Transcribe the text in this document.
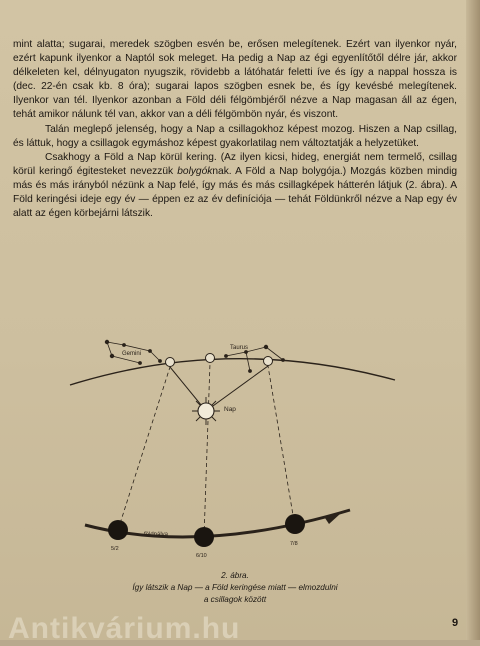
mint alatta; sugarai, meredek szögben esvén be, erősen melegítenek. Ezért van ilyenkor nyár, ezért kapunk ilyenkor a Naptól sok meleget. Ha pedig a Nap az égi egyenlítőtől délre jár, akkor délkeleten kel, délnyugaton nyugszik, rövidebb a látóhatár feletti íve és így a nappal hossza is (dec. 22-én csak kb. 8 óra); sugarai lapos szögben esnek be, és így kevésbé melegítenek. Ilyenkor van tél. Ilyenkor azonban a Föld déli félgömbjéről nézve a Nap magasan áll az égen, tehát amikor nálunk tél van, akkor van a déli félgömbön nyár, és viszont.

Talán meglepő jelenség, hogy a Nap a csillagokhoz képest mozog. Hiszen a Nap csillag, és láttuk, hogy a csillagok egymáshoz képest gyakorlatilag nem változtatják a helyzetüket.

Csakhogy a Föld a Nap körül kering. (Az ilyen kicsi, hideg, energiát nem termelő, csillag körül keringő égitesteket nevezzük bolygóknak. A Föld a Nap bolygója.) Mozgás közben mindig más és más irányból nézünk a Nap felé, így más és más csillagképek hátterén látjuk (2. ábra). A Föld keringési ideje egy év — éppen ez az év definíciója — tehát Földünkről nézve a Nap egy év alatt az égen körbejárni látszik.

Gemini
Taurus
Nap
földpálya
5/2
6/10
7/8
2. ábra.
Így látszik a Nap — a Föld keringése miatt — elmozdulni
a csillagok között
9
Antikvárium.hu
